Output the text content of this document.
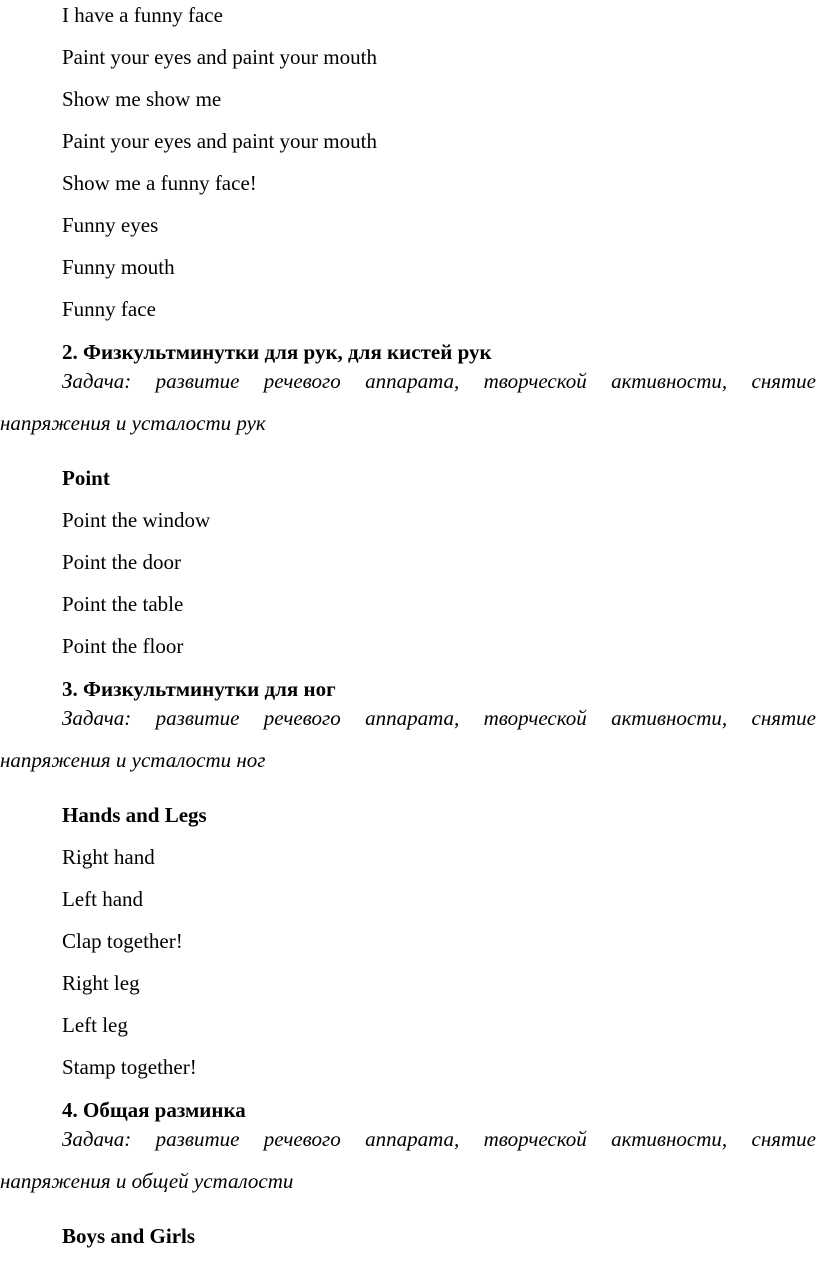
I have a funny face
Paint your eyes and paint your mouth
Show me show me
Paint your eyes and paint your mouth
Show me a funny face!
Funny eyes
Funny mouth
Funny face
2. Физкультминутки для рук, для кистей рук
Задача: развитие речевого аппарата, творческой активности, снятие
напряжения и усталости рук
Point
Point the window
Point the door
Point the table
Point the floor
3. Физкультминутки для ног
Задача: развитие речевого аппарата, творческой активности, снятие
напряжения и усталости ног
Hands and Legs
Right hand
Left hand
Clap together!
Right leg
Left leg
Stamp together!
4. Общая разминка
Задача: развитие речевого аппарата, творческой активности, снятие
напряжения и общей усталости
Boys and Girls
